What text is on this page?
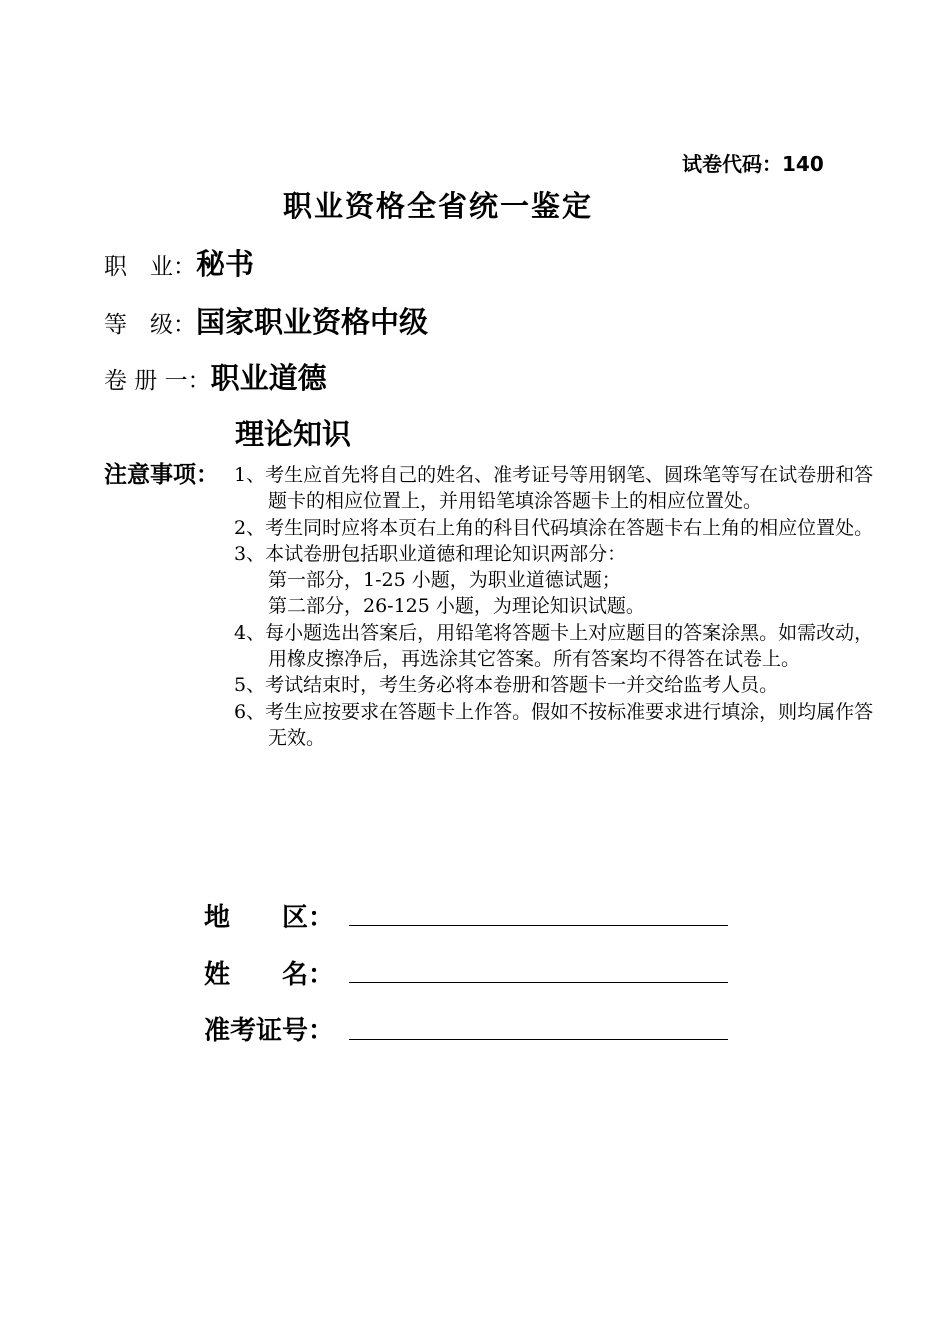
试卷代码：140
职业资格全省统一鉴定
职　业：秘书
等　级：国家职业资格中级
卷 册 一：职业道德
理论知识
注意事项： 1、考生应首先将自己的姓名、准考证号等用钢笔、圆珠笔等写在试卷册和答题卡的相应位置上，并用铅笔填涂答题卡上的相应位置处。
2、考生同时应将本页右上角的科目代码填涂在答题卡右上角的相应位置处。
3、本试卷册包括职业道德和理论知识两部分：
第一部分，1-25 小题，为职业道德试题；
第二部分，26-125 小题，为理论知识试题。
4、每小题选出答案后，用铅笔将答题卡上对应题目的答案涂黑。如需改动，用橡皮擦净后，再选涂其它答案。所有答案均不得答在试卷上。
5、考试结束时，考生务必将本卷册和答题卡一并交给监考人员。
6、考生应按要求在答题卡上作答。假如不按标准要求进行填涂，则均属作答无效。
地　　区：
姓　　名：
准考证号：
